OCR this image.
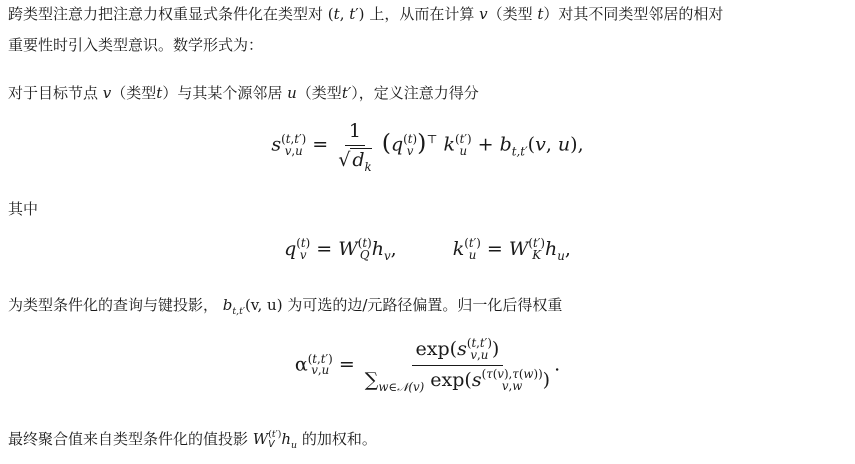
跨类型注意力把注意力权重显式条件化在类型对 (t, t′) 上，从而在计算 v（类型 t）对其不同类型邻居的相对
重要性时引入类型意识。数学形式为：
对于目标节点 v（类型t）与其某个源邻居 u（类型t′），定义注意力得分
s (t,t′)
$v,u = \frac{1}{√ d_k} (q$ (t)
v )⊤ k (t′)
$u + b_{t,t'}(v$, u),
其中
q (t)
v = W (t)
Q $h_v$,	k (t′)
u = W (t′)
K $h_u$,
为类型条件化的查询与键投影， $b_{t,t'}(v$, u) 为可选的边/元路径偏置。归一化后得权重
α (t,t′)
v,u = exp(s (t,t′)
v,u )
$\sum_{w\in 𝒩(v)}$ exp(s (τ(v),τ(w))
v,w	) .
最终聚合值来自类型条件化的值投影 W (t′)
V $h_u$ 的加权和。
